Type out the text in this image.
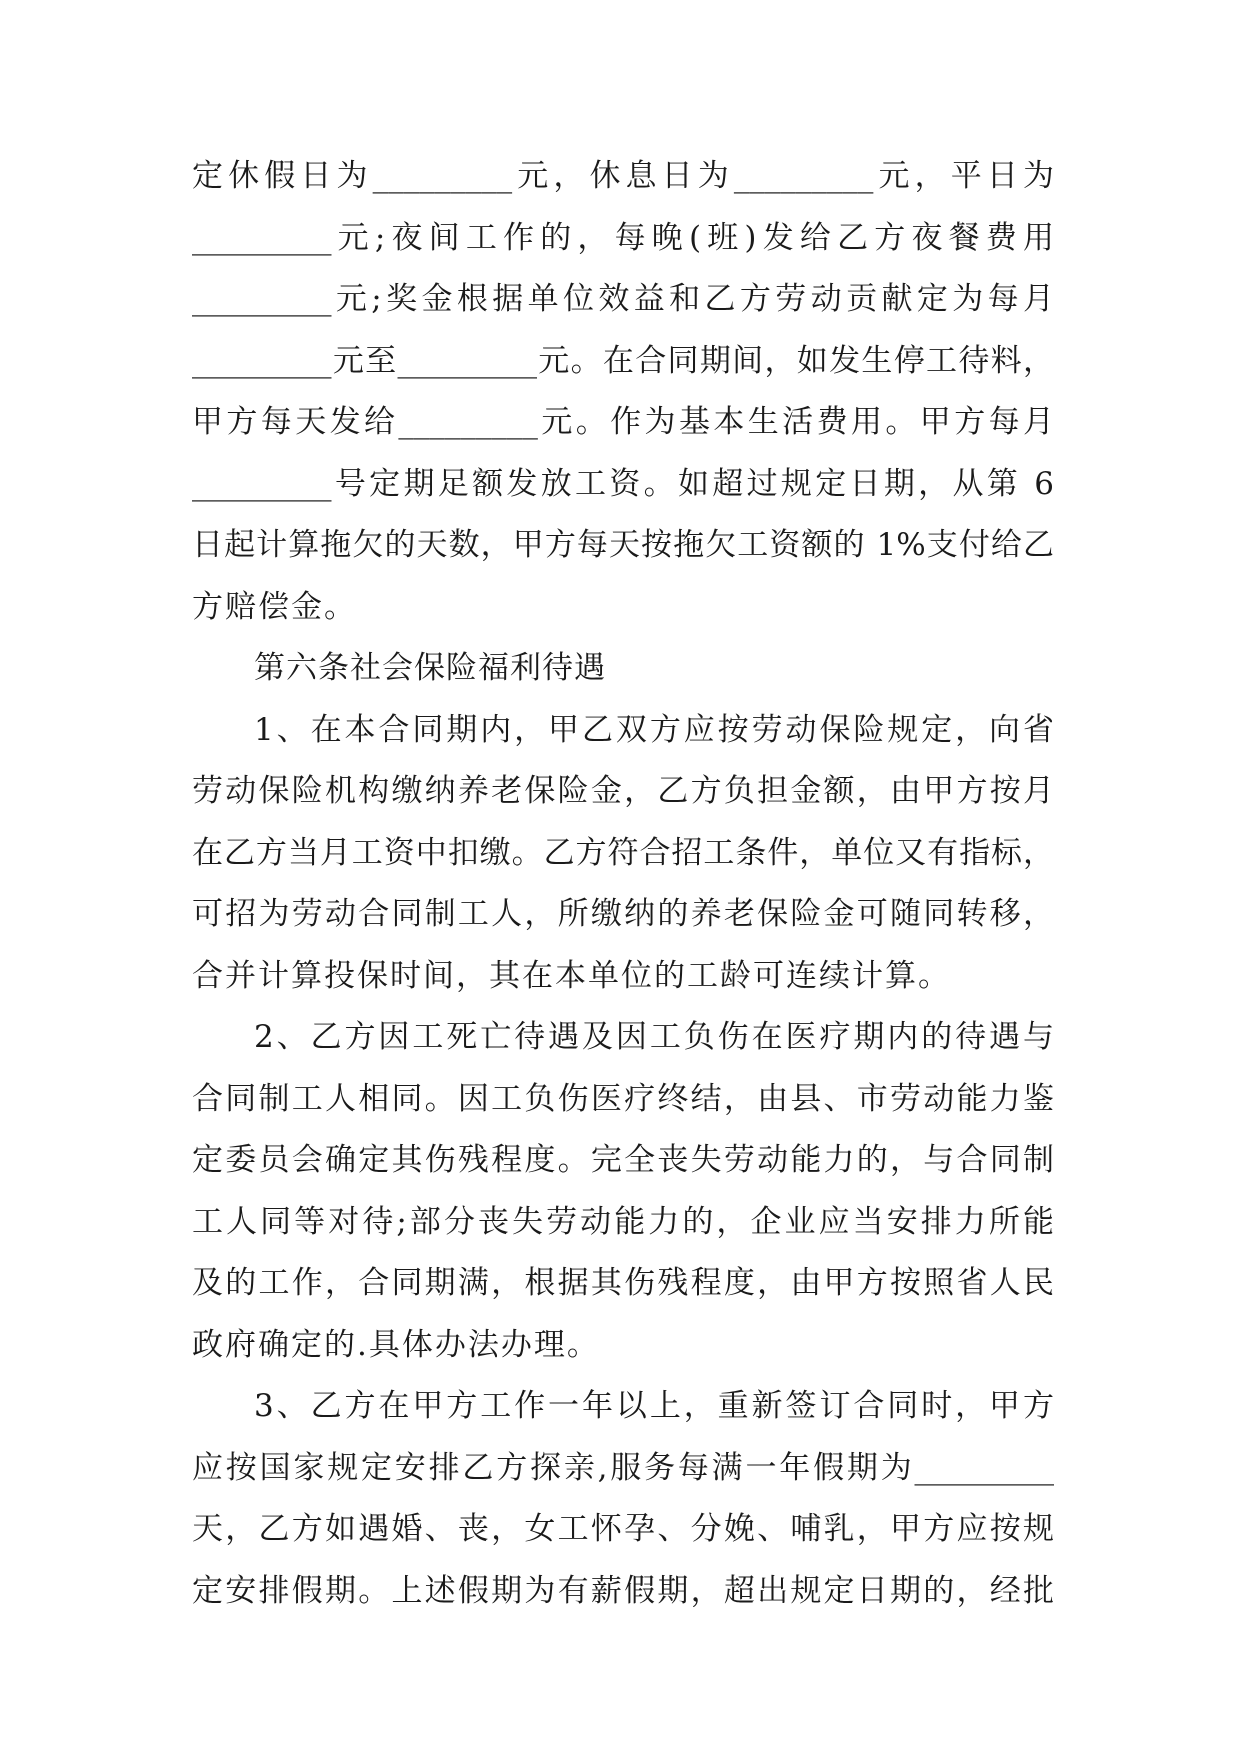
定休假日为_________元，休息日为_________元，平日为
_________元;夜间工作的，每晚(班)发给乙方夜餐费用
_________元;奖金根据单位效益和乙方劳动贡献定为每月
_________元至_________元。在合同期间，如发生停工待料，
甲方每天发给_________元。作为基本生活费用。甲方每月
_________号定期足额发放工资。如超过规定日期，从第 6
日起计算拖欠的天数，甲方每天按拖欠工资额的 1%支付给乙
方赔偿金。
第六条社会保险福利待遇
1、在本合同期内，甲乙双方应按劳动保险规定，向省
劳动保险机构缴纳养老保险金，乙方负担金额，由甲方按月
在乙方当月工资中扣缴。乙方符合招工条件，单位又有指标，
可招为劳动合同制工人，所缴纳的养老保险金可随同转移，
合并计算投保时间，其在本单位的工龄可连续计算。
2、乙方因工死亡待遇及因工负伤在医疗期内的待遇与
合同制工人相同。因工负伤医疗终结，由县、市劳动能力鉴
定委员会确定其伤残程度。完全丧失劳动能力的，与合同制
工人同等对待;部分丧失劳动能力的，企业应当安排力所能
及的工作，合同期满，根据其伤残程度，由甲方按照省人民
政府确定的.具体办法办理。
3、乙方在甲方工作一年以上，重新签订合同时，甲方
应按国家规定安排乙方探亲,服务每满一年假期为_________
天，乙方如遇婚、丧，女工怀孕、分娩、哺乳，甲方应按规
定安排假期。上述假期为有薪假期，超出规定日期的，经批
